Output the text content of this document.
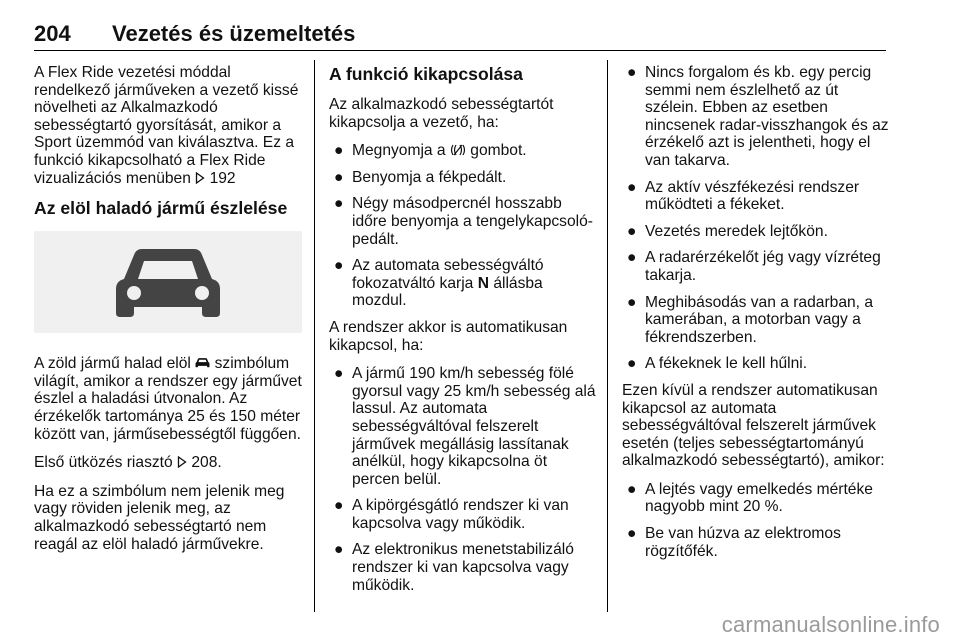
204 Vezetés és üzemeltetés

A Flex Ride vezetési móddal rendelkező járműveken a vezető kissé növelheti az Alkalmazkodó sebességtartó gyorsítását, amikor a Sport üzemmód van kiválasztva. Ez a funkció kikapcsolható a Flex Ride vizualizációs menüben 192

Az elöl haladó jármű észlelése

A zöld jármű halad elöl szimbólum világít, amikor a rendszer egy járművet észlel a haladási útvonalon. Az érzékelők tartománya 25 és 150 méter között van, járműsebességtől függően.

Első ütközés riasztó 208.

Ha ez a szimbólum nem jelenik meg vagy röviden jelenik meg, az alkalmazkodó sebességtartó nem reagál az elöl haladó járművekre.

A funkció kikapcsolása

Az alkalmazkodó sebességtartót kikapcsolja a vezető, ha:

● Megnyomja a gombot.
● Benyomja a fékpedált.
● Négy másodpercnél hosszabb időre benyomja a tengelykapcsoló-pedált.
● Az automata sebességváltó fokozatváltó karja N állásba mozdul.

A rendszer akkor is automatikusan kikapcsol, ha:

● A jármű 190 km/h sebesség fölé gyorsul vagy 25 km/h sebesség alá lassul. Az automata sebességváltóval felszerelt járművek megállásig lassítanak anélkül, hogy kikapcsolna öt percen belül.
● A kipörgésgátló rendszer ki van kapcsolva vagy működik.
● Az elektronikus menetstabilizáló rendszer ki van kapcsolva vagy működik.
● Nincs forgalom és kb. egy percig semmi nem észlelhető az út szélein. Ebben az esetben nincsenek radar-visszhangok és az érzékelő azt is jelentheti, hogy el van takarva.
● Az aktív vészfékezési rendszer működteti a fékeket.
● Vezetés meredek lejtőkön.
● A radarérzékelőt jég vagy vízréteg takarja.
● Meghibásodás van a radarban, a kamerában, a motorban vagy a fékrendszerben.
● A fékeknek le kell hűlni.

Ezen kívül a rendszer automatikusan kikapcsol az automata sebességváltóval felszerelt járművek esetén (teljes sebességtartományú alkalmazkodó sebességtartó), amikor:

● A lejtés vagy emelkedés mértéke nagyobb mint 20 %.
● Be van húzva az elektromos rögzítőfék.
carmanualsonline.info
